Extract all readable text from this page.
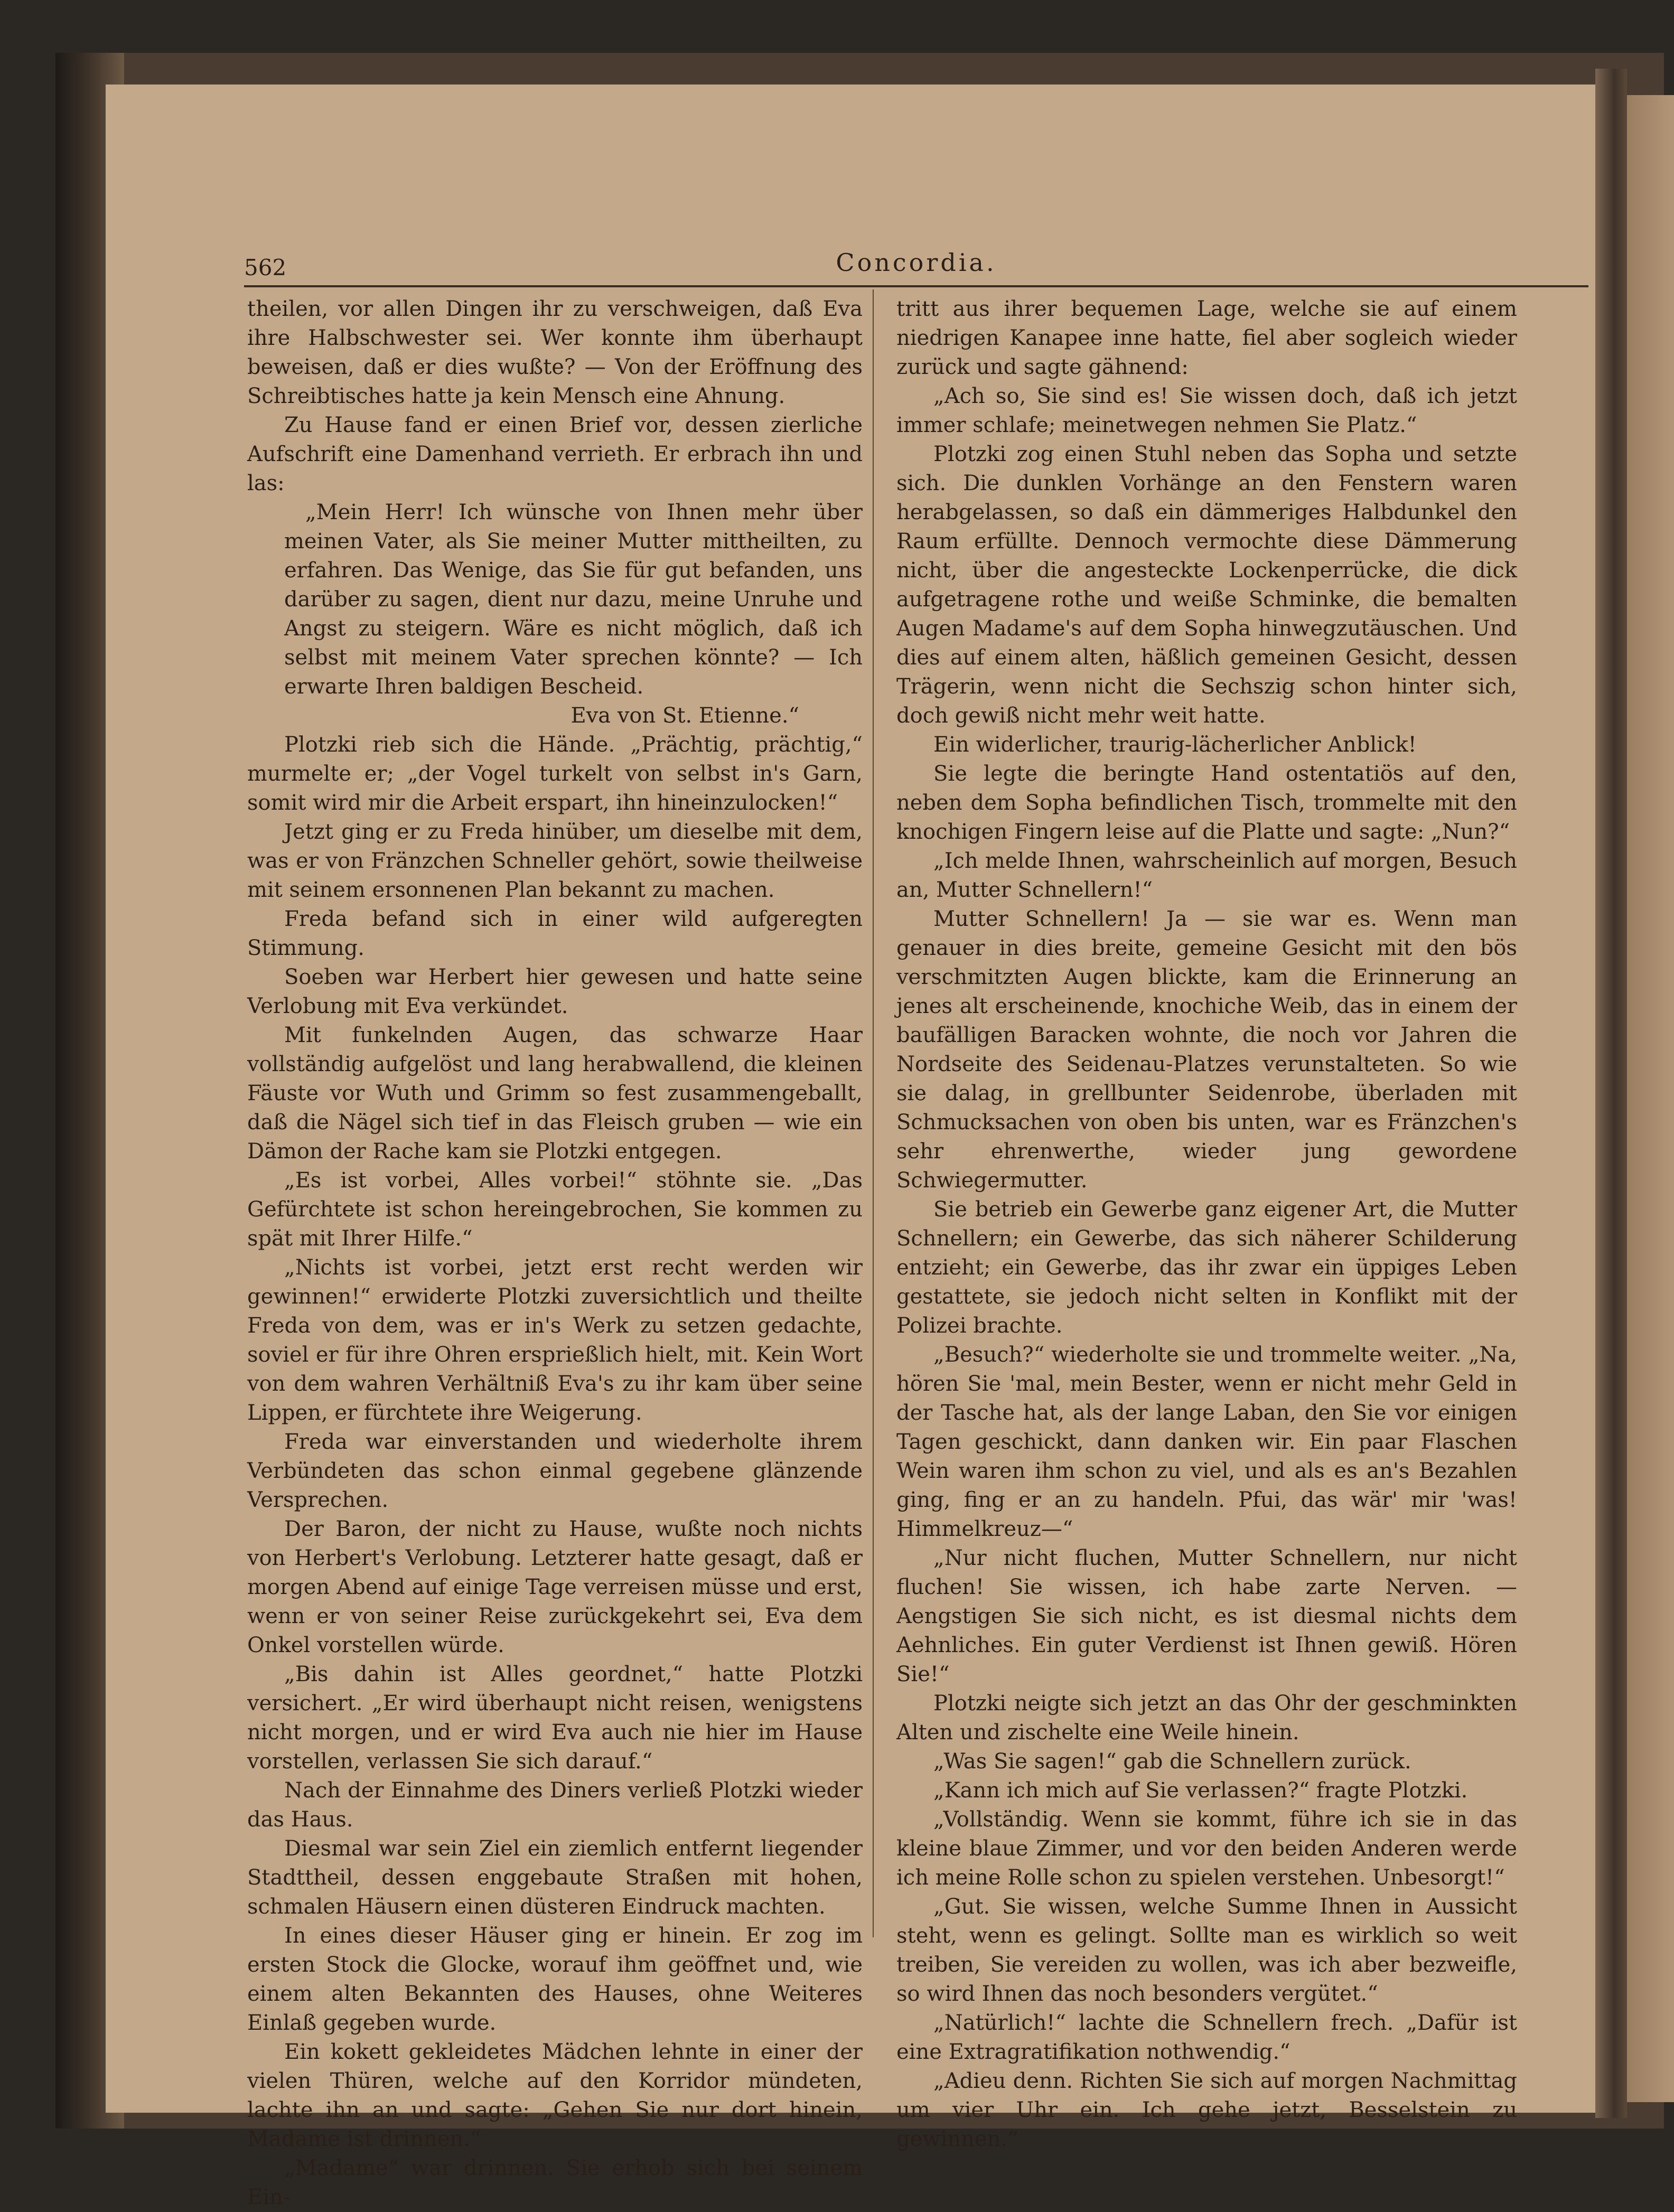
562	Concordia.

theilen, vor allen Dingen ihr zu verschweigen, daß Eva ihre Halbschwester sei. Wer konnte ihm überhaupt beweisen, daß er dies wußte? — Von der Eröffnung des Schreibtisches hatte ja kein Mensch eine Ahnung.

Zu Hause fand er einen Brief vor, dessen zierliche Aufschrift eine Damenhand verrieth. Er erbrach ihn und las:

„Mein Herr! Ich wünsche von Ihnen mehr über meinen Vater, als Sie meiner Mutter mittheilten, zu erfahren. Das Wenige, das Sie für gut befanden, uns darüber zu sagen, dient nur dazu, meine Unruhe und Angst zu steigern. Wäre es nicht möglich, daß ich selbst mit meinem Vater sprechen könnte? — Ich erwarte Ihren baldigen Bescheid.

Eva von St. Etienne.“

Plotzki rieb sich die Hände. „Prächtig, prächtig,“ murmelte er; „der Vogel turkelt von selbst in's Garn, somit wird mir die Arbeit erspart, ihn hineinzulocken!“

Jetzt ging er zu Freda hinüber, um dieselbe mit dem, was er von Fränzchen Schneller gehört, sowie theilweise mit seinem ersonnenen Plan bekannt zu machen.

Freda befand sich in einer wild aufgeregten Stimmung.

Soeben war Herbert hier gewesen und hatte seine Verlobung mit Eva verkündet.

Mit funkelnden Augen, das schwarze Haar vollständig aufgelöst und lang herabwallend, die kleinen Fäuste vor Wuth und Grimm so fest zusammengeballt, daß die Nägel sich tief in das Fleisch gruben — wie ein Dämon der Rache kam sie Plotzki entgegen.

„Es ist vorbei, Alles vorbei!“ stöhnte sie. „Das Gefürchtete ist schon hereingebrochen, Sie kommen zu spät mit Ihrer Hilfe.“

„Nichts ist vorbei, jetzt erst recht werden wir gewinnen!“ erwiderte Plotzki zuversichtlich und theilte Freda von dem, was er in's Werk zu setzen gedachte, soviel er für ihre Ohren ersprießlich hielt, mit. Kein Wort von dem wahren Verhältniß Eva's zu ihr kam über seine Lippen, er fürchtete ihre Weigerung.

Freda war einverstanden und wiederholte ihrem Verbündeten das schon einmal gegebene glänzende Versprechen.

Der Baron, der nicht zu Hause, wußte noch nichts von Herbert's Verlobung. Letzterer hatte gesagt, daß er morgen Abend auf einige Tage verreisen müsse und erst, wenn er von seiner Reise zurückgekehrt sei, Eva dem Onkel vorstellen würde.

„Bis dahin ist Alles geordnet,“ hatte Plotzki versichert. „Er wird überhaupt nicht reisen, wenigstens nicht morgen, und er wird Eva auch nie hier im Hause vorstellen, verlassen Sie sich darauf.“

Nach der Einnahme des Diners verließ Plotzki wieder das Haus.

Diesmal war sein Ziel ein ziemlich entfernt liegender Stadttheil, dessen enggebaute Straßen mit hohen, schmalen Häusern einen düsteren Eindruck machten.

In eines dieser Häuser ging er hinein. Er zog im ersten Stock die Glocke, worauf ihm geöffnet und, wie einem alten Bekannten des Hauses, ohne Weiteres Einlaß gegeben wurde.

Ein kokett gekleidetes Mädchen lehnte in einer der vielen Thüren, welche auf den Korridor mündeten, lachte ihn an und sagte: „Gehen Sie nur dort hinein, Madame ist drinnen.“

„Madame“ war drinnen. Sie erhob sich bei seinem Ein-

tritt aus ihrer bequemen Lage, welche sie auf einem niedrigen Kanapee inne hatte, fiel aber sogleich wieder zurück und sagte gähnend:

„Ach so, Sie sind es! Sie wissen doch, daß ich jetzt immer schlafe; meinetwegen nehmen Sie Platz.“

Plotzki zog einen Stuhl neben das Sopha und setzte sich. Die dunklen Vorhänge an den Fenstern waren herabgelassen, so daß ein dämmeriges Halbdunkel den Raum erfüllte. Dennoch vermochte diese Dämmerung nicht, über die angesteckte Lockenperrücke, die dick aufgetragene rothe und weiße Schminke, die bemalten Augen Madame's auf dem Sopha hinwegzutäuschen. Und dies auf einem alten, häßlich gemeinen Gesicht, dessen Trägerin, wenn nicht die Sechszig schon hinter sich, doch gewiß nicht mehr weit hatte.

Ein widerlicher, traurig-lächerlicher Anblick!

Sie legte die beringte Hand ostentatiös auf den, neben dem Sopha befindlichen Tisch, trommelte mit den knochigen Fingern leise auf die Platte und sagte: „Nun?“

„Ich melde Ihnen, wahrscheinlich auf morgen, Besuch an, Mutter Schnellern!“

Mutter Schnellern! Ja — sie war es. Wenn man genauer in dies breite, gemeine Gesicht mit den bös verschmitzten Augen blickte, kam die Erinnerung an jenes alt erscheinende, knochiche Weib, das in einem der baufälligen Baracken wohnte, die noch vor Jahren die Nordseite des Seidenau-Platzes verunstalteten. So wie sie dalag, in grellbunter Seidenrobe, überladen mit Schmucksachen von oben bis unten, war es Fränzchen's sehr ehrenwerthe, wieder jung gewordene Schwiegermutter.

Sie betrieb ein Gewerbe ganz eigener Art, die Mutter Schnellern; ein Gewerbe, das sich näherer Schilderung entzieht; ein Gewerbe, das ihr zwar ein üppiges Leben gestattete, sie jedoch nicht selten in Konflikt mit der Polizei brachte.

„Besuch?“ wiederholte sie und trommelte weiter. „Na, hören Sie 'mal, mein Bester, wenn er nicht mehr Geld in der Tasche hat, als der lange Laban, den Sie vor einigen Tagen geschickt, dann danken wir. Ein paar Flaschen Wein waren ihm schon zu viel, und als es an's Bezahlen ging, fing er an zu handeln. Pfui, das wär' mir 'was! Himmelkreuz—“

„Nur nicht fluchen, Mutter Schnellern, nur nicht fluchen! Sie wissen, ich habe zarte Nerven. — Aengstigen Sie sich nicht, es ist diesmal nichts dem Aehnliches. Ein guter Verdienst ist Ihnen gewiß. Hören Sie!“

Plotzki neigte sich jetzt an das Ohr der geschminkten Alten und zischelte eine Weile hinein.

„Was Sie sagen!“ gab die Schnellern zurück.

„Kann ich mich auf Sie verlassen?“ fragte Plotzki.

„Vollständig. Wenn sie kommt, führe ich sie in das kleine blaue Zimmer, und vor den beiden Anderen werde ich meine Rolle schon zu spielen verstehen. Unbesorgt!“

„Gut. Sie wissen, welche Summe Ihnen in Aussicht steht, wenn es gelingt. Sollte man es wirklich so weit treiben, Sie vereiden zu wollen, was ich aber bezweifle, so wird Ihnen das noch besonders vergütet.“

„Natürlich!“ lachte die Schnellern frech. „Dafür ist eine Extragratifikation nothwendig.“

„Adieu denn. Richten Sie sich auf morgen Nachmittag um vier Uhr ein. Ich gehe jetzt, Besselstein zu gewinnen.“
